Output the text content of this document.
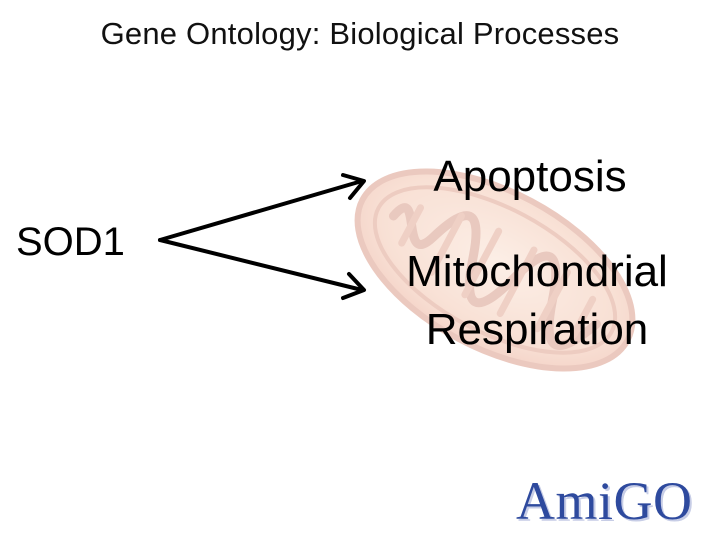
Gene Ontology: Biological Processes
SOD1
Apoptosis
Mitochondrial Respiration
AmiGO
